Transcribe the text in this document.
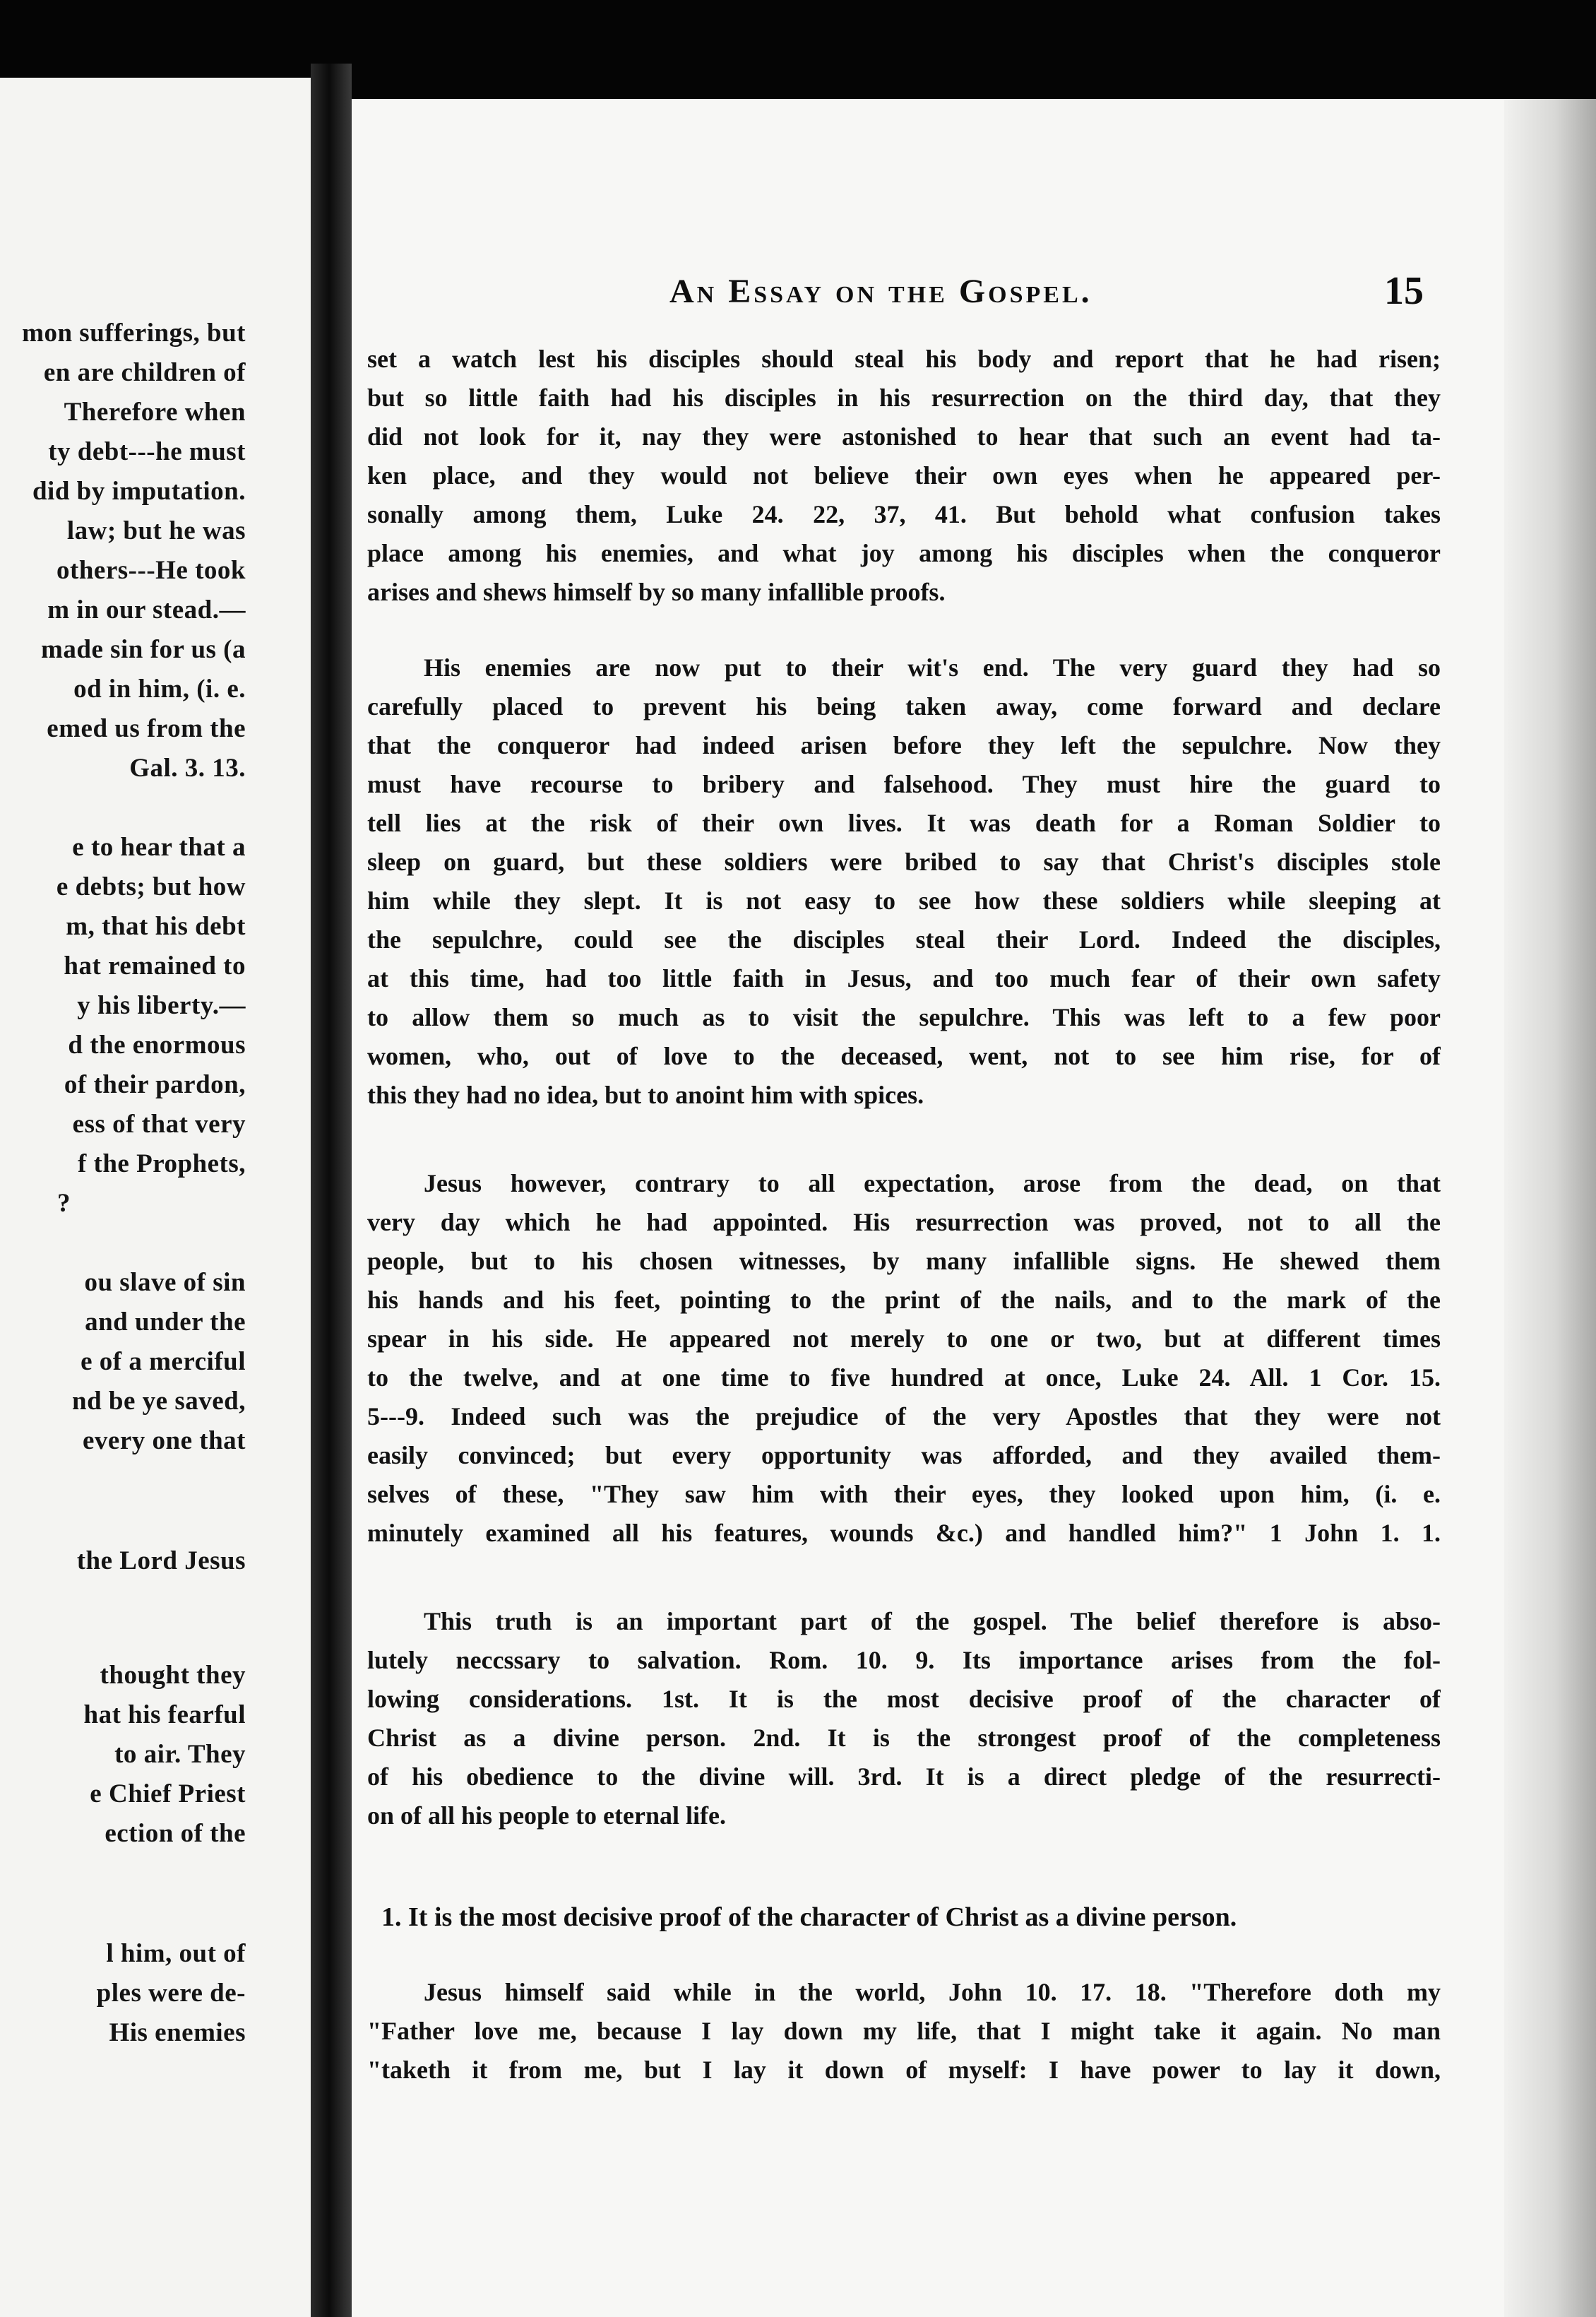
mon sufferings, but
en are children of
Therefore when
ty debt---he must
did by imputation.
law; but he was
others---He took
m in our stead.—
made sin for us (a
od in him, (i. e.
emed us from the
Gal. 3. 13.
e to hear that a
e debts; but how
m, that his debt
hat remained to
y his liberty.—
d the enormous
of their pardon,
ess of that very
f the Prophets,
?
ou slave of sin
and under the
e of a merciful
nd be ye saved,
every one that
the Lord Jesus
thought they
hat his fearful
to air. They
e Chief Priest
ection of the
l him, out of
ples were de-
His enemies
An Essay on the Gospel.	15
set a watch lest his disciples should steal his body and report that he had risen;
but so little faith had his disciples in his resurrection on the third day, that they
did not look for it, nay they were astonished to hear that such an event had ta-
ken place, and they would not believe their own eyes when he appeared per-
sonally among them, Luke 24. 22, 37, 41. But behold what confusion takes
place among his enemies, and what joy among his disciples when the conqueror
arises and shews himself by so many infallible proofs.
His enemies are now put to their wit's end. The very guard they had so
carefully placed to prevent his being taken away, come forward and declare
that the conqueror had indeed arisen before they left the sepulchre. Now they
must have recourse to bribery and falsehood. They must hire the guard to
tell lies at the risk of their own lives. It was death for a Roman Soldier to
sleep on guard, but these soldiers were bribed to say that Christ's disciples stole
him while they slept. It is not easy to see how these soldiers while sleeping at
the sepulchre, could see the disciples steal their Lord. Indeed the disciples,
at this time, had too little faith in Jesus, and too much fear of their own safety
to allow them so much as to visit the sepulchre. This was left to a few poor
women, who, out of love to the deceased, went, not to see him rise, for of
this they had no idea, but to anoint him with spices.
Jesus however, contrary to all expectation, arose from the dead, on that
very day which he had appointed. His resurrection was proved, not to all the
people, but to his chosen witnesses, by many infallible signs. He shewed them
his hands and his feet, pointing to the print of the nails, and to the mark of the
spear in his side. He appeared not merely to one or two, but at different times
to the twelve, and at one time to five hundred at once, Luke 24. All. 1 Cor. 15.
5---9. Indeed such was the prejudice of the very Apostles that they were not
easily convinced; but every opportunity was afforded, and they availed them-
selves of these, "They saw him with their eyes, they looked upon him, (i. e.
minutely examined all his features, wounds &c.) and handled him?" 1 John 1. 1.
This truth is an important part of the gospel. The belief therefore is abso-
lutely neccssary to salvation. Rom. 10. 9. Its importance arises from the fol-
lowing considerations. 1st. It is the most decisive proof of the character of
Christ as a divine person. 2nd. It is the strongest proof of the completeness
of his obedience to the divine will. 3rd. It is a direct pledge of the resurrecti-
on of all his people to eternal life.
1. It is the most decisive proof of the character of Christ as a divine person.
Jesus himself said while in the world, John 10. 17. 18. "Therefore doth my
"Father love me, because I lay down my life, that I might take it again. No man
"taketh it from me, but I lay it down of myself: I have power to lay it down,
